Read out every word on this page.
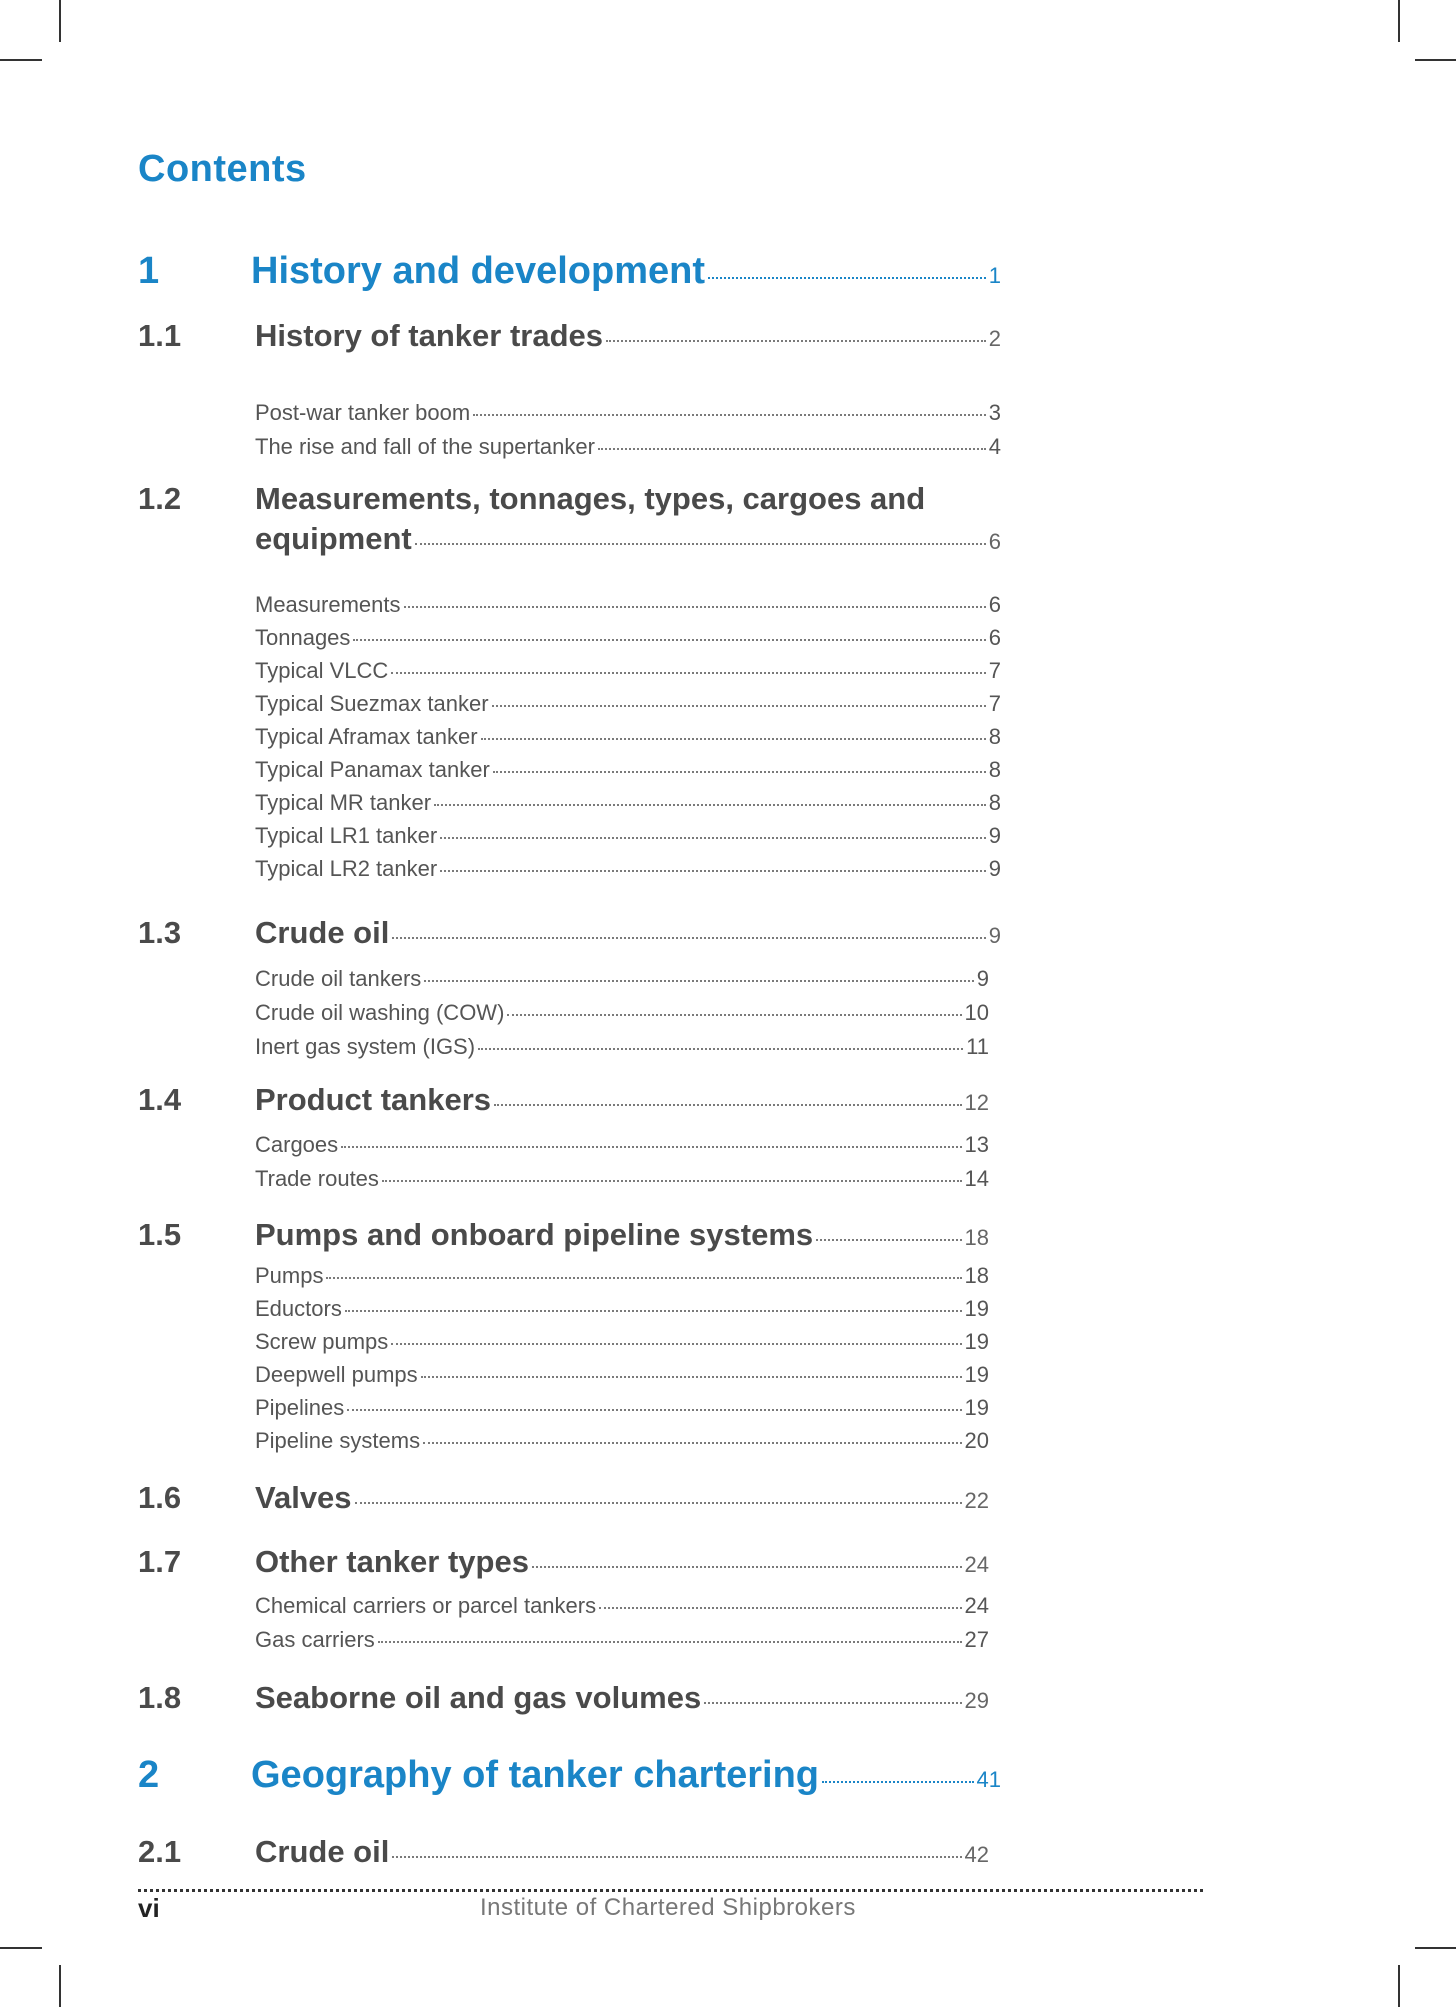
Contents
1 History and development	1
1.1 History of tanker trades	2
Post-war tanker boom	3
The rise and fall of the supertanker	4
1.2 Measurements, tonnages, types, cargoes and
equipment	6
Measurements	6
Tonnages	6
Typical VLCC	7
Typical Suezmax tanker	7
Typical Aframax tanker	8
Typical Panamax tanker	8
Typical MR tanker	8
Typical LR1 tanker	9
Typical LR2 tanker	9
1.3 Crude oil	9
Crude oil tankers	9
Crude oil washing (COW)	10
Inert gas system (IGS)	11
1.4 Product tankers	12
Cargoes	13
Trade routes	14
1.5 Pumps and onboard pipeline systems	18
Pumps	18
Eductors	19
Screw pumps	19
Deepwell pumps	19
Pipelines	19
Pipeline systems	20
1.6 Valves	22
1.7 Other tanker types	24
Chemical carriers or parcel tankers	24
Gas carriers	27
1.8 Seaborne oil and gas volumes	29
2 Geography of tanker chartering	41
2.1 Crude oil	42
vi	Institute of Chartered Shipbrokers
